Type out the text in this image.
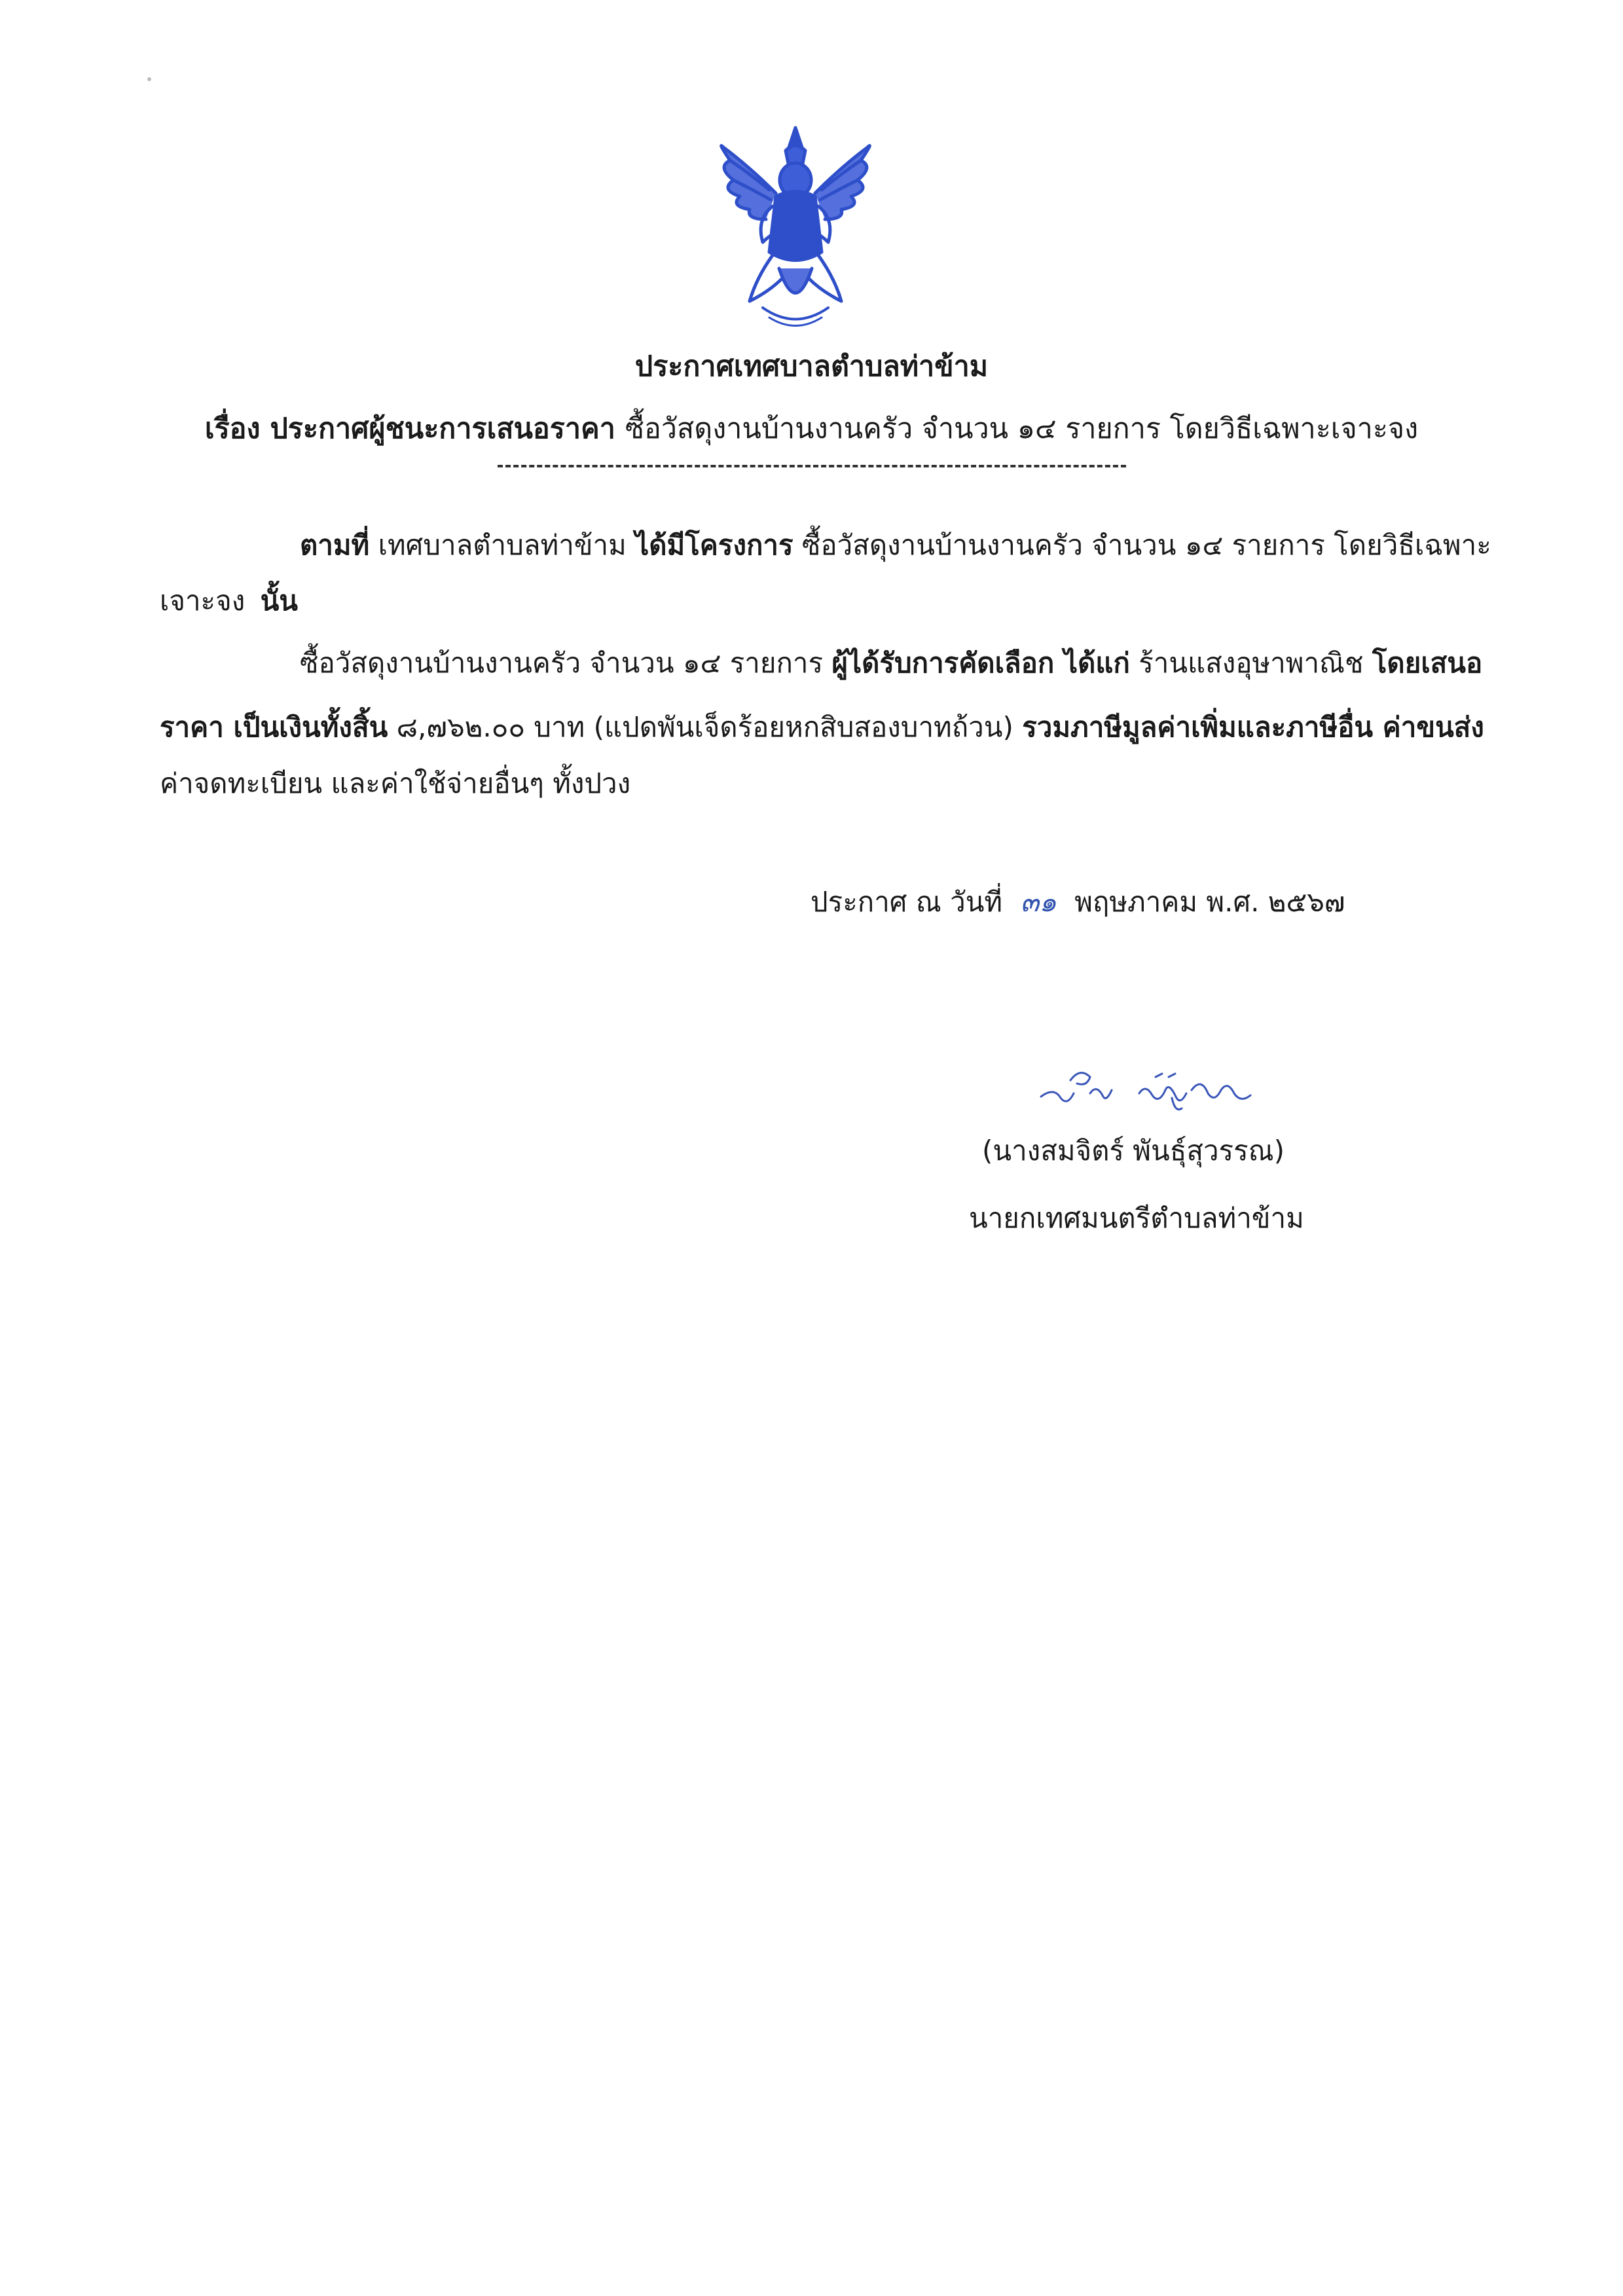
ประกาศเทศบาลตำบลท่าข้าม
เรื่อง ประกาศผู้ชนะการเสนอราคา ซื้อวัสดุงานบ้านงานครัว จำนวน ๑๔ รายการ โดยวิธีเฉพาะเจาะจง
ตามที่ เทศบาลตำบลท่าข้าม ได้มีโครงการ ซื้อวัสดุงานบ้านงานครัว จำนวน ๑๔ รายการ โดยวิธีเฉพาะ
เจาะจง นั้น
ซื้อวัสดุงานบ้านงานครัว จำนวน ๑๔ รายการ ผู้ได้รับการคัดเลือก ได้แก่ ร้านแสงอุษาพาณิช โดยเสนอ
ราคา เป็นเงินทั้งสิ้น ๘,๗๖๒.๐๐ บาท (แปดพันเจ็ดร้อยหกสิบสองบาทถ้วน) รวมภาษีมูลค่าเพิ่มและภาษีอื่น ค่าขนส่ง
ค่าจดทะเบียน และค่าใช้จ่ายอื่นๆ ทั้งปวง
ประกาศ ณ วันที่ ๓๑ พฤษภาคม พ.ศ. ๒๕๖๗
(นางสมจิตร์ พันธุ์สุวรรณ)
นายกเทศมนตรีตำบลท่าข้าม
